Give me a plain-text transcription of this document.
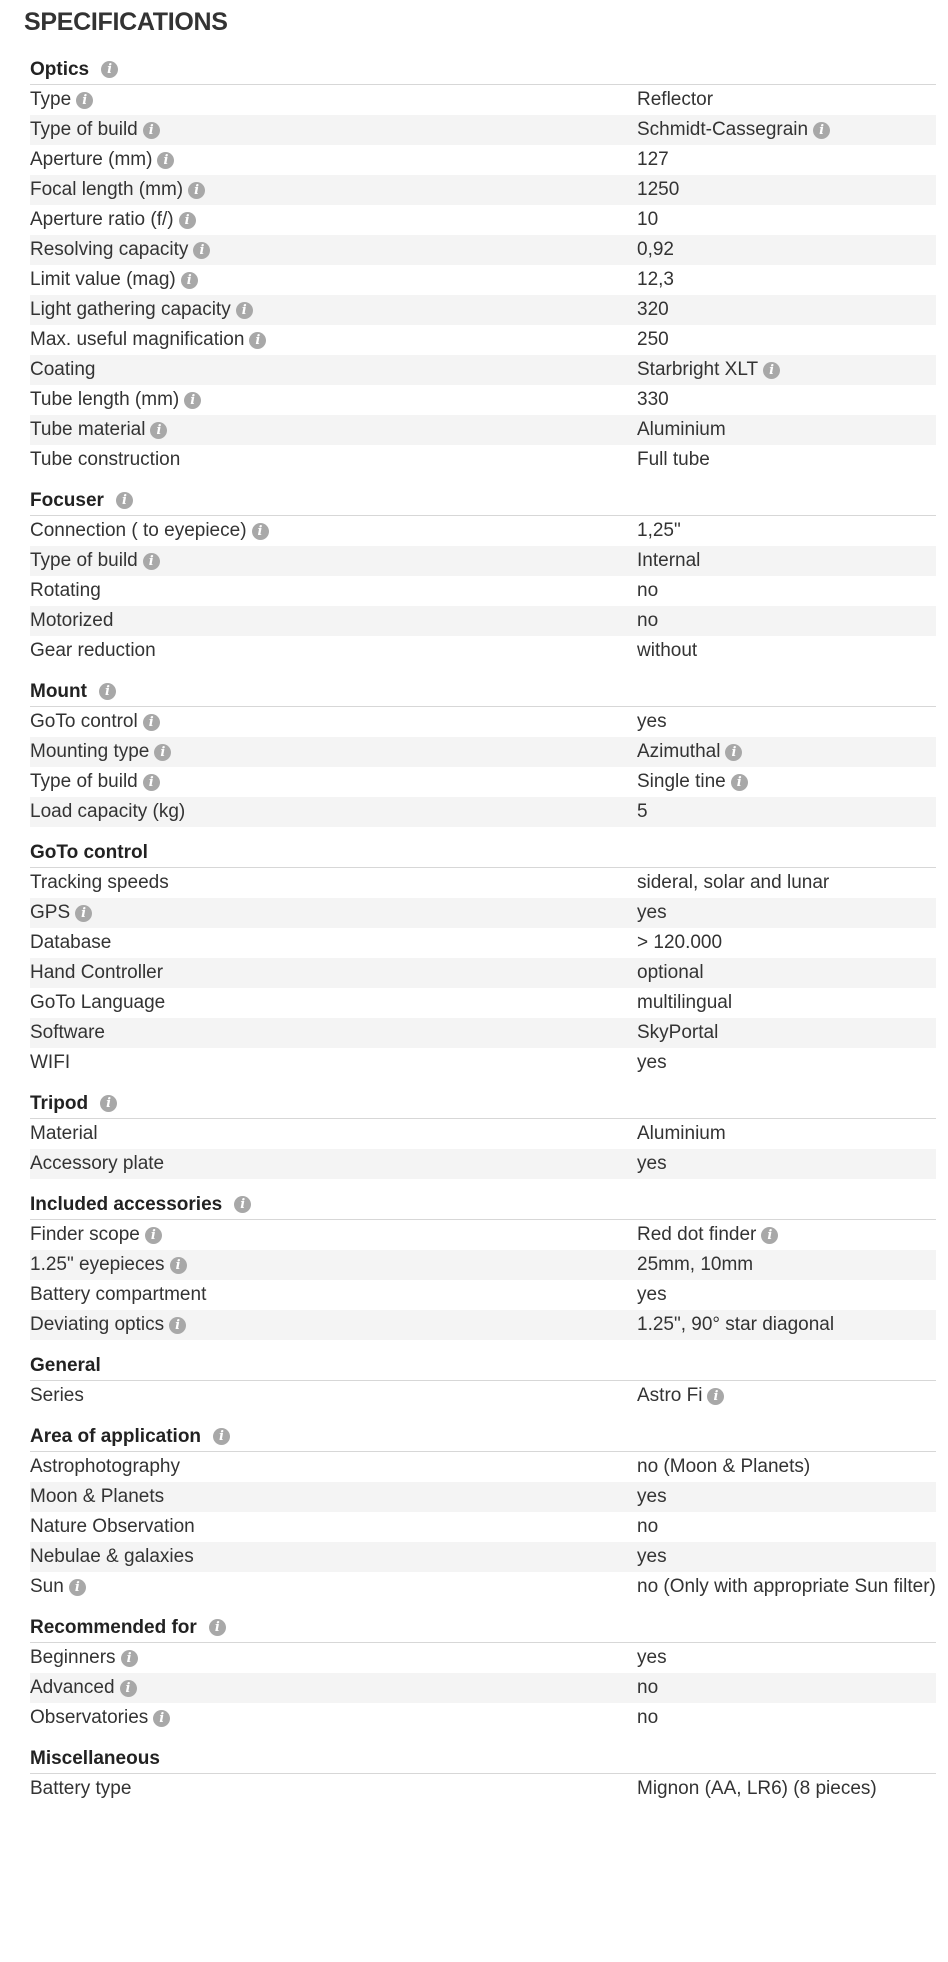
SPECIFICATIONS
Optics	i
Type i	Reflector
Type of build i	Schmidt-Cassegrain i
Aperture (mm) i	127
Focal length (mm) i	1250
Aperture ratio (f/) i	10
Resolving capacity i	0,92
Limit value (mag) i	12,3
Light gathering capacity i	320
Max. useful magnification i	250
Coating	Starbright XLT i
Tube length (mm) i	330
Tube material i	Aluminium
Tube construction	Full tube
Focuser	i
Connection ( to eyepiece) i	1,25"
Type of build i	Internal
Rotating	no
Motorized	no
Gear reduction	without
Mount	i
GoTo control i	yes
Mounting type i	Azimuthal i
Type of build i	Single tine i
Load capacity (kg)	5
GoTo control
Tracking speeds	sideral, solar and lunar
GPS i	yes
Database	> 120.000
Hand Controller	optional
GoTo Language	multilingual
Software	SkyPortal
WIFI	yes
Tripod	i
Material	Aluminium
Accessory plate	yes
Included accessories	i
Finder scope i	Red dot finder i
1.25" eyepieces i	25mm, 10mm
Battery compartment	yes
Deviating optics i	1.25", 90° star diagonal
General
Series	Astro Fi i
Area of application	i
Astrophotography	no (Moon & Planets)
Moon & Planets	yes
Nature Observation	no
Nebulae & galaxies	yes
Sun i	no (Only with appropriate Sun filter)
Recommended for	i
Beginners i	yes
Advanced i	no
Observatories i	no
Miscellaneous
Battery type	Mignon (AA, LR6) (8 pieces)
